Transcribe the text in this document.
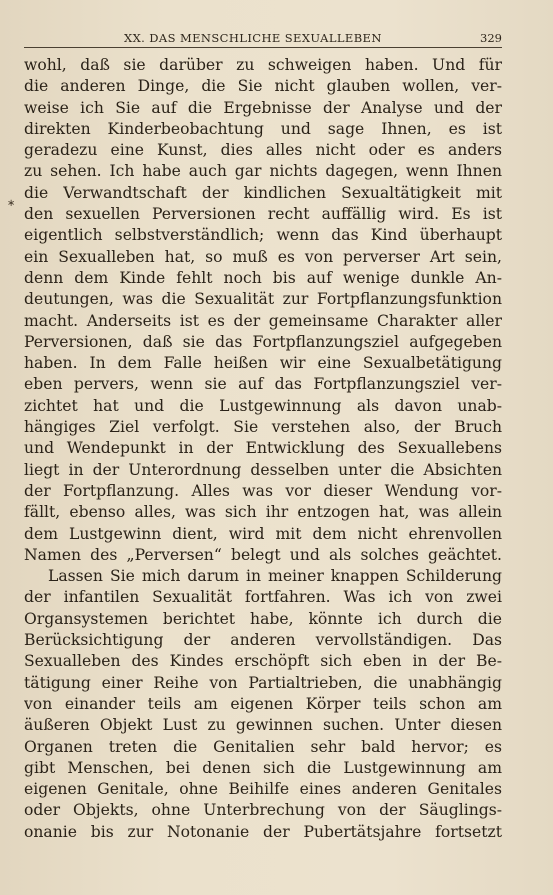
XX. DAS MENSCHLICHE SEXUALLEBEN	329
∗
wohl, daß sie darüber zu schweigen haben. Und für
die anderen Dinge, die Sie nicht glauben wollen, ver-
weise ich Sie auf die Ergebnisse der Analyse und der
direkten Kinderbeobachtung und sage Ihnen, es ist
geradezu eine Kunst, dies alles nicht oder es anders
zu sehen. Ich habe auch gar nichts dagegen, wenn Ihnen
die Verwandtschaft der kindlichen Sexualtätigkeit mit
den sexuellen Perversionen recht auffällig wird. Es ist
eigentlich selbstverständlich; wenn das Kind überhaupt
ein Sexualleben hat, so muß es von perverser Art sein,
denn dem Kinde fehlt noch bis auf wenige dunkle An-
deutungen, was die Sexualität zur Fortpflanzungsfunktion
macht. Anderseits ist es der gemeinsame Charakter aller
Perversionen, daß sie das Fortpflanzungsziel aufgegeben
haben. In dem Falle heißen wir eine Sexualbetätigung
eben pervers, wenn sie auf das Fortpflanzungsziel ver-
zichtet hat und die Lustgewinnung als davon unab-
hängiges Ziel verfolgt. Sie verstehen also, der Bruch
und Wendepunkt in der Entwicklung des Sexuallebens
liegt in der Unterordnung desselben unter die Absichten
der Fortpflanzung. Alles was vor dieser Wendung vor-
fällt, ebenso alles, was sich ihr entzogen hat, was allein
dem Lustgewinn dient, wird mit dem nicht ehrenvollen
Namen des „Perversen“ belegt und als solches geächtet.
Lassen Sie mich darum in meiner knappen Schilderung
der infantilen Sexualität fortfahren. Was ich von zwei
Organsystemen berichtet habe, könnte ich durch die
Berücksichtigung der anderen vervollständigen. Das
Sexualleben des Kindes erschöpft sich eben in der Be-
tätigung einer Reihe von Partialtrieben, die unabhängig
von einander teils am eigenen Körper teils schon am
äußeren Objekt Lust zu gewinnen suchen. Unter diesen
Organen treten die Genitalien sehr bald hervor; es
gibt Menschen, bei denen sich die Lustgewinnung am
eigenen Genitale, ohne Beihilfe eines anderen Genitales
oder Objekts, ohne Unterbrechung von der Säuglings-
onanie bis zur Notonanie der Pubertätsjahre fortsetzt
